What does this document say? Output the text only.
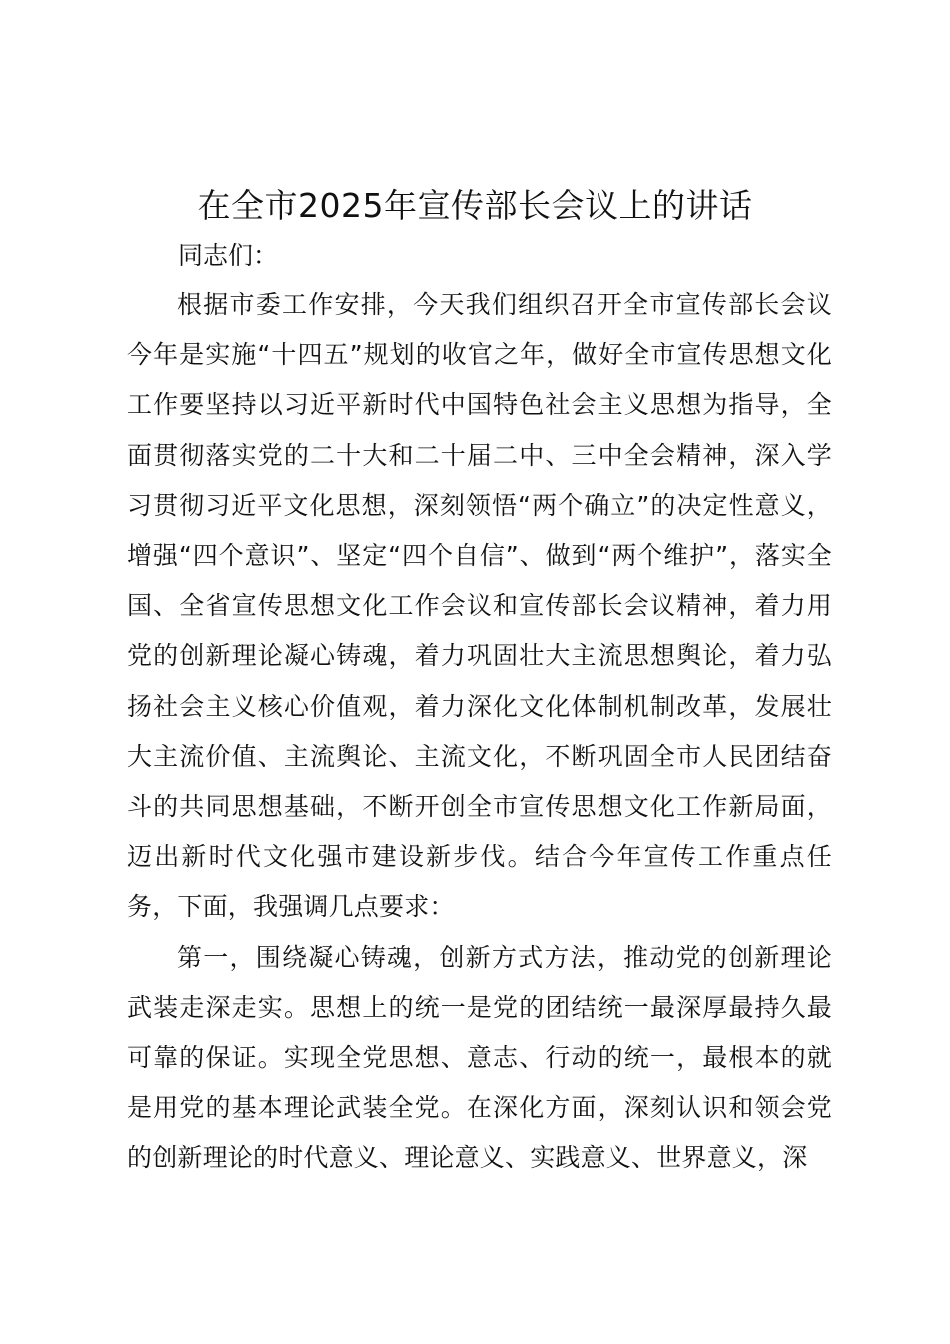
在全市2025年宣传部长会议上的讲话

同志们：

根据市委工作安排，今天我们组织召开全市宣传部长会议今年是实施“十四五”规划的收官之年，做好全市宣传思想文化工作要坚持以习近平新时代中国特色社会主义思想为指导，全面贯彻落实党的二十大和二十届二中、三中全会精神，深入学习贯彻习近平文化思想，深刻领悟“两个确立”的决定性意义，增强“四个意识”、坚定“四个自信”、做到“两个维护”，落实全国、全省宣传思想文化工作会议和宣传部长会议精神，着力用党的创新理论凝心铸魂，着力巩固壮大主流思想舆论，着力弘扬社会主义核心价值观，着力深化文化体制机制改革，发展壮大主流价值、主流舆论、主流文化，不断巩固全市人民团结奋斗的共同思想基础，不断开创全市宣传思想文化工作新局面，迈出新时代文化强市建设新步伐。结合今年宣传工作重点任务，下面，我强调几点要求：

第一，围绕凝心铸魂，创新方式方法，推动党的创新理论武装走深走实。思想上的统一是党的团结统一最深厚最持久最可靠的保证。实现全党思想、意志、行动的统一，最根本的就是用党的基本理论武装全党。在深化方面，深刻认识和领会党的创新理论的时代意义、理论意义、实践意义、世界意义，深
